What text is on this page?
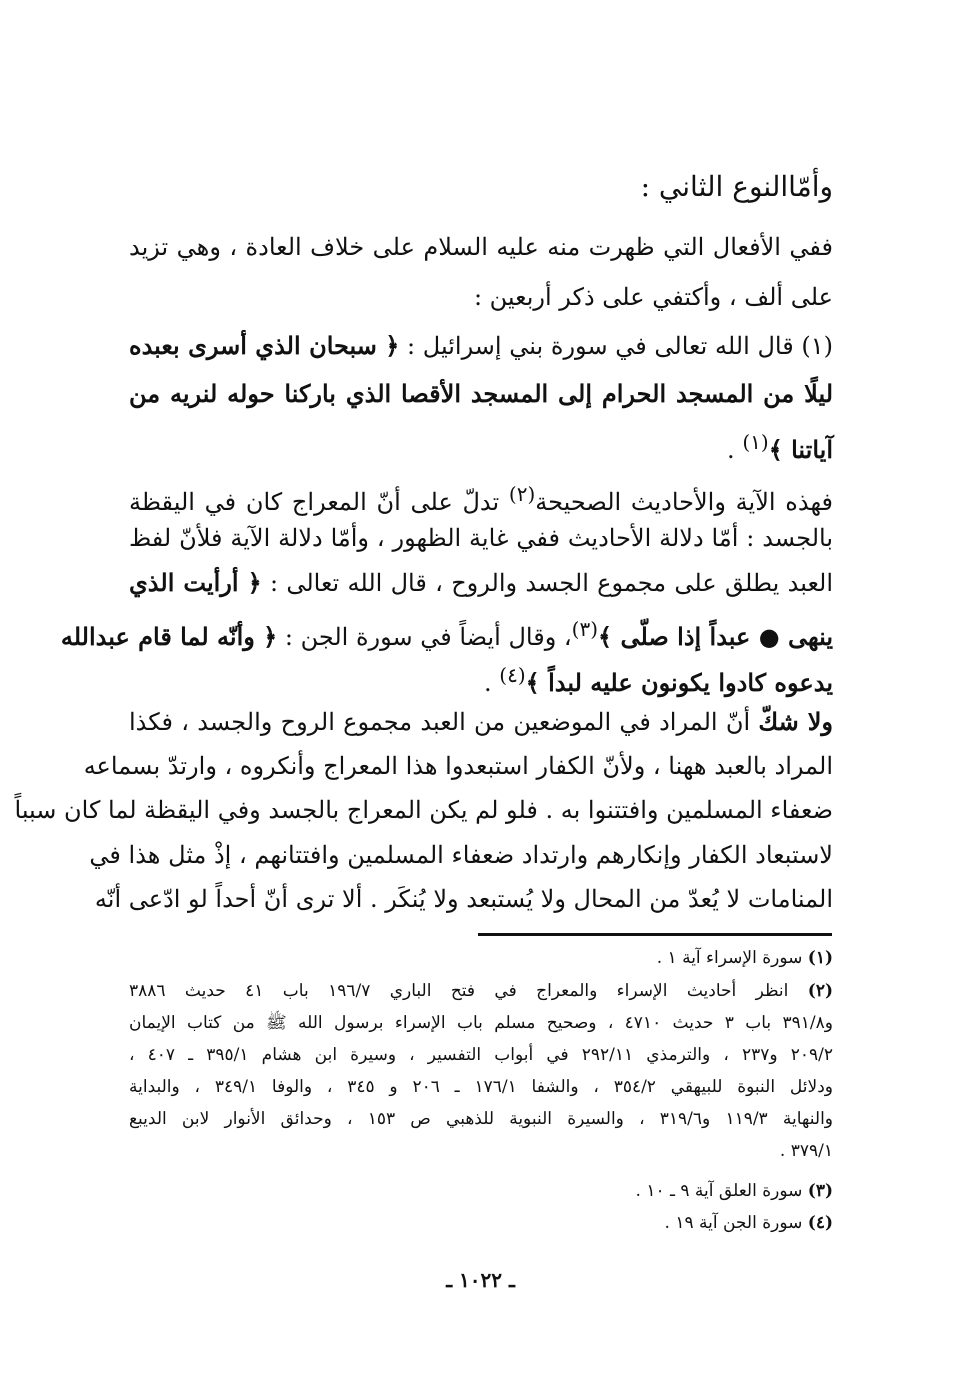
وأمّاالنوع الثاني :
ففي الأفعال التي ظهرت منه عليه السلام على خلاف العادة ، وهي تزيد
على ألف ، وأكتفي على ذكر أربعين :
(١) قال الله تعالى في سورة بني إسرائيل : ﴿ سبحان الذي أسرى بعبده
ليلًا من المسجد الحرام إلى المسجد الأقصا الذي باركنا حوله لنريه من
آياتنا ﴾$^{(١)}$ .
فهذه الآية والأحاديث الصحيحة$^{(٢)}$ تدلّ على أنّ المعراج كان في اليقظة
بالجسد : أمّا دلالة الأحاديث ففي غاية الظهور ، وأمّا دلالة الآية فلأنّ لفظ
العبد يطلق على مجموع الجسد والروح ، قال الله تعالى : ﴿ أرأيت الذي
ينهى ● عبداً إذا صلّى ﴾$^{(٣)}$، وقال أيضاً في سورة الجن : ﴿ وأنّه لما قام عبدالله
يدعوه كادوا يكونون عليه لبداً ﴾$^{(٤)}$ .
ولا شكّ أنّ المراد في الموضعين من العبد مجموع الروح والجسد ، فكذا
المراد بالعبد ههنا ، ولأنّ الكفار استبعدوا هذا المعراج وأنكروه ، وارتدّ بسماعه
ضعفاء المسلمين وافتتنوا به . فلو لم يكن المعراج بالجسد وفي اليقظة لما كان سبباً
لاستبعاد الكفار وإنكارهم وارتداد ضعفاء المسلمين وافتتانهم ، إذْ مثل هذا في
المنامات لا يُعدّ من المحال ولا يُستبعد ولا يُنكَر . ألا ترى أنّ أحداً لو ادّعى أنّه
(١) سورة الإسراء آية ١ .
(٢) انظر أحاديث الإسراء والمعراج في فتح الباري ١٩٦/٧ باب ٤١ حديث ٣٨٨٦
و٣٩١/٨ باب ٣ حديث ٤٧١٠ ، وصحيح مسلم باب الإسراء برسول الله ﷺ من كتاب الإيمان
٢٠٩/٢ و٢٣٧ ، والترمذي ٢٩٢/١١ في أبواب التفسير ، وسيرة ابن هشام ٣٩٥/١ ـ ٤٠٧ ،
ودلائل النبوة للبيهقي ٣٥٤/٢ ، والشفا ١٧٦/١ ـ ٢٠٦ و ٣٤٥ ، والوفا ٣٤٩/١ ، والبداية
والنهاية ١١٩/٣ و٣١٩/٦ ، والسيرة النبوية للذهبي ص ١٥٣ ، وحدائق الأنوار لابن الديبع
٣٧٩/١ .
(٣) سورة العلق آية ٩ ـ ١٠ .
(٤) سورة الجن آية ١٩ .
ـ ١٠٢٢ ـ
